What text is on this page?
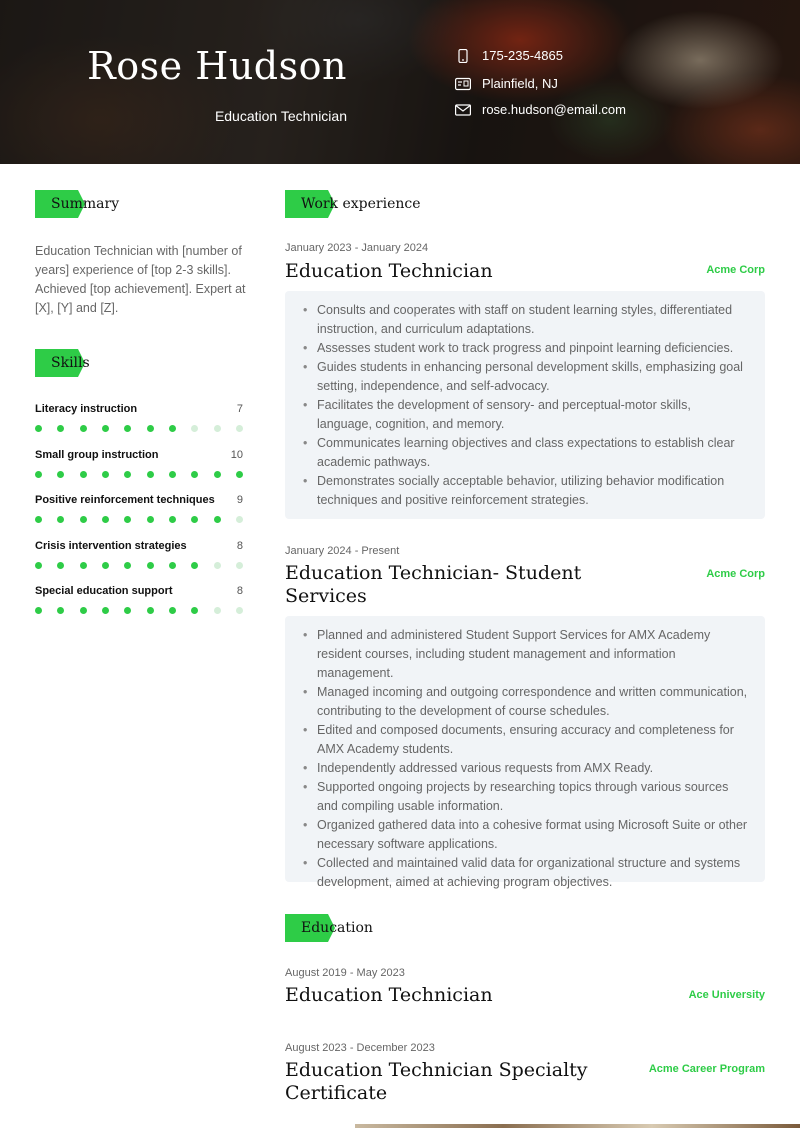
Rose Hudson
Education Technician
175-235-4865
Plainfield, NJ
rose.hudson@email.com
Summary
Education Technician with [number of years] experience of [top 2-3 skills]. Achieved [top achievement]. Expert at [X], [Y] and [Z].
Skills
Literacy instruction	7
Small group instruction	10
Positive reinforcement techniques 9
Crisis intervention strategies	8
Special education support	8
Work experience
January 2023 - January 2024
Education Technician	Acme Corp
• Consults and cooperates with staff on student learning styles, differentiated instruction, and curriculum adaptations.
• Assesses student work to track progress and pinpoint learning deficiencies.
• Guides students in enhancing personal development skills, emphasizing goal setting, independence, and self-advocacy.
• Facilitates the development of sensory- and perceptual-motor skills, language, cognition, and memory.
• Communicates learning objectives and class expectations to establish clear academic pathways.
• Demonstrates socially acceptable behavior, utilizing behavior modification techniques and positive reinforcement strategies.
January 2024 - Present
Education Technician- Student Services
Acme Corp
• Planned and administered Student Support Services for AMX Academy resident courses, including student management and information management.
• Managed incoming and outgoing correspondence and written communication, contributing to the development of course schedules.
• Edited and composed documents, ensuring accuracy and completeness for AMX Academy students.
• Independently addressed various requests from AMX Ready.
• Supported ongoing projects by researching topics through various sources and compiling usable information.
• Organized gathered data into a cohesive format using Microsoft Suite or other necessary software applications.
• Collected and maintained valid data for organizational structure and systems development, aimed at achieving program objectives.
Education
August 2019 - May 2023
Education Technician	Ace University
August 2023 - December 2023
Education Technician Specialty Certificate
Acme Career Program
